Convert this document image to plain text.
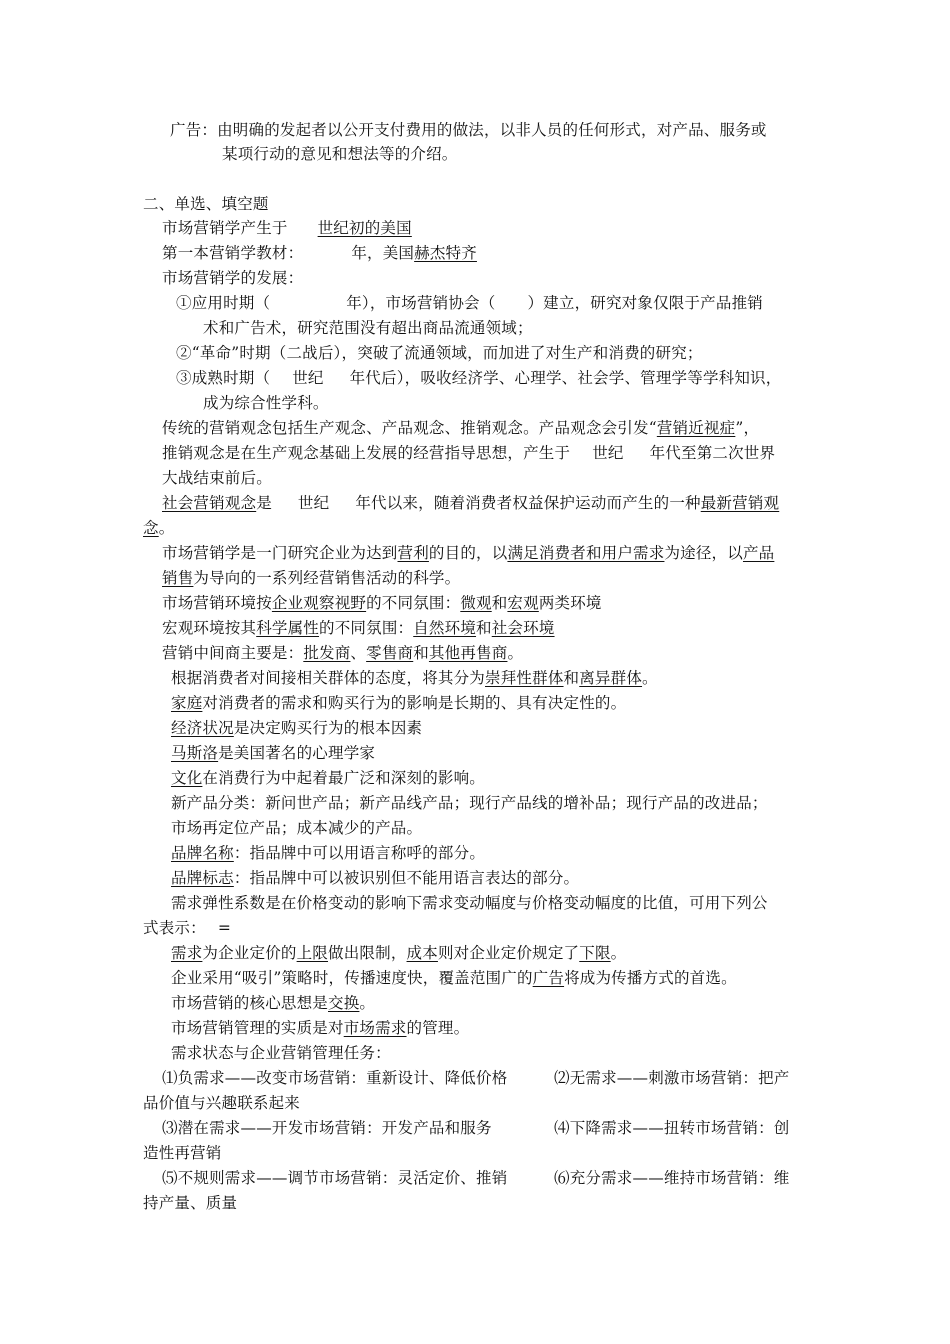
广告：由明确的发起者以公开支付费用的做法，以非人员的任何形式，对产品、服务或
某项行动的意见和想法等的介绍。
二、单选、填空题
市场营销学产生于 世纪初的美国
第一本营销学教材：	年，美国赫杰特齐
市场营销学的发展：
①应用时期（	年），市场营销协会（ ）建立，研究对象仅限于产品推销
术和广告术，研究范围没有超出商品流通领域；
②“革命”时期（二战后），突破了流通领域，而加进了对生产和消费的研究；
③成熟时期（ 世纪 年代后），吸收经济学、心理学、社会学、管理学等学科知识，
成为综合性学科。
传统的营销观念包括生产观念、产品观念、推销观念。产品观念会引发“营销近视症”，
推销观念是在生产观念基础上发展的经营指导思想，产生于 世纪 年代至第二次世界
大战结束前后。
社会营销观念是 世纪 年代以来，随着消费者权益保护运动而产生的一种最新营销观
念。
市场营销学是一门研究企业为达到营利的目的，以满足消费者和用户需求为途径，以产品
销售为导向的一系列经营销售活动的科学。
市场营销环境按企业观察视野的不同氛围：微观和宏观两类环境
宏观环境按其科学属性的不同氛围：自然环境和社会环境
营销中间商主要是：批发商、零售商和其他再售商。
根据消费者对间接相关群体的态度，将其分为崇拜性群体和离异群体。
家庭对消费者的需求和购买行为的影响是长期的、具有决定性的。
经济状况是决定购买行为的根本因素
马斯洛是美国著名的心理学家
文化在消费行为中起着最广泛和深刻的影响。
新产品分类：新问世产品；新产品线产品；现行产品线的增补品；现行产品的改进品；
市场再定位产品；成本减少的产品。
品牌名称：指品牌中可以用语言称呼的部分。
品牌标志：指品牌中可以被识别但不能用语言表达的部分。
需求弹性系数是在价格变动的影响下需求变动幅度与价格变动幅度的比值，可用下列公
式表示： =
需求为企业定价的上限做出限制，成本则对企业定价规定了下限。
企业采用“吸引”策略时，传播速度快，覆盖范围广的广告将成为传播方式的首选。
市场营销的核心思想是交换。
市场营销管理的实质是对市场需求的管理。
需求状态与企业营销管理任务：
⑴负需求——改变市场营销：重新设计、降低价格	⑵无需求——刺激市场营销：把产
品价值与兴趣联系起来
⑶潜在需求——开发市场营销：开发产品和服务	⑷下降需求——扭转市场营销：创
造性再营销
⑸不规则需求——调节市场营销：灵活定价、推销	⑹充分需求——维持市场营销：维
持产量、质量
